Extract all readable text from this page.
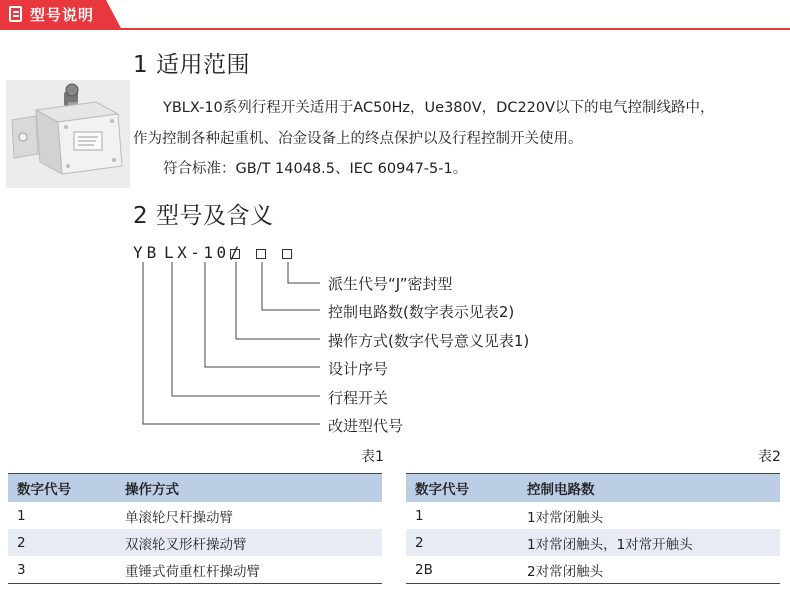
型号说明
1 适用范围
YBLX-10系列行程开关适用于AC50Hz，Ue380V，DC220V以下的电气控制线路中，
作为控制各种起重机、冶金设备上的终点保护以及行程控制开关使用。
符合标准：GB/T 14048.5、IEC 60947-5-1。
2 型号及含义
YB LX-10/
派生代号“J”密封型
控制电路数(数字表示见表2)
操作方式(数字代号意义见表1)
设计序号
行程开关
改进型代号
表1	表2
数字代号	操作方式
1	单滚轮尺杆操动臂
2	双滚轮叉形杆操动臂
3	重锤式荷重杠杆操动臂
数字代号	控制电路数
1	1对常闭触头
2	1对常闭触头，1对常开触头
2B	2对常闭触头
